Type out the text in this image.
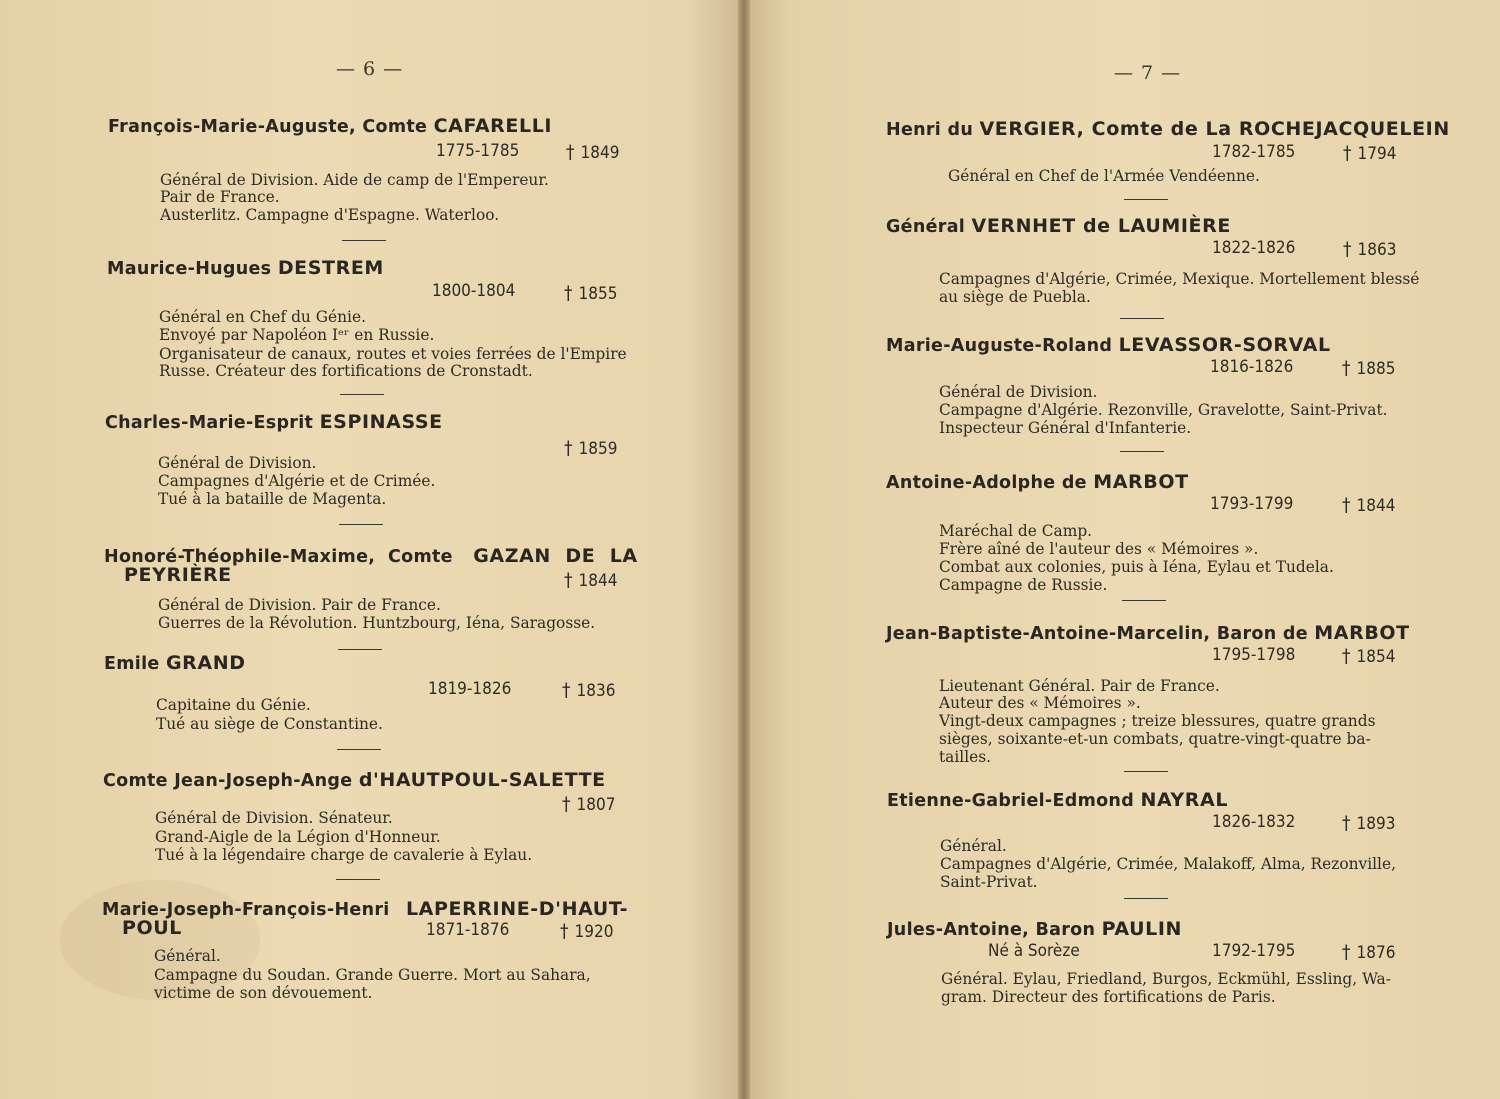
— 6 —
François-Marie-Auguste, Comte CAFARELLI
1775-1785 † 1849
Général de Division. Aide de camp de l'Empereur.
Pair de France.
Austerlitz. Campagne d'Espagne. Waterloo.
Maurice-Hugues DESTREM
1800-1804	† 1855
Général en Chef du Génie.
Envoyé par Napoléon Iᵉʳ en Russie.
Organisateur de canaux, routes et voies ferrées de l'Empire
Russe. Créateur des fortifications de Cronstadt.
Charles-Marie-Esprit ESPINASSE
† 1859
Général de Division.
Campagnes d'Algérie et de Crimée.
Tué à la bataille de Magenta.
Honoré-Théophile-Maxime,  Comte GAZAN  DE  LA
PEYRIÈRE	† 1844
Général de Division. Pair de France.
Guerres de la Révolution. Huntzbourg, Iéna, Saragosse.
Emile GRAND
1819-1826	† 1836
Capitaine du Génie.
Tué au siège de Constantine.
Comte Jean-Joseph-Ange d'HAUTPOUL-SALETTE
† 1807
Général de Division. Sénateur.
Grand-Aigle de la Légion d'Honneur.
Tué à la légendaire charge de cavalerie à Eylau.
Marie-Joseph-François-Henri LAPERRINE-D'HAUT-
POUL	1871-1876	† 1920
Général.
Campagne du Soudan. Grande Guerre. Mort au Sahara,
victime de son dévouement.
— 7 —
Henri du VERGIER, Comte de La ROCHEJACQUELEIN
1782-1785	† 1794
Général en Chef de l'Armée Vendéenne.
Général VERNHET de LAUMIÈRE
1822-1826	† 1863
Campagnes d'Algérie, Crimée, Mexique. Mortellement blessé
au siège de Puebla.
Marie-Auguste-Roland LEVASSOR-SORVAL
1816-1826	† 1885
Général de Division.
Campagne d'Algérie. Rezonville, Gravelotte, Saint-Privat.
Inspecteur Général d'Infanterie.
Antoine-Adolphe de MARBOT
1793-1799	† 1844
Maréchal de Camp.
Frère aîné de l'auteur des « Mémoires ».
Combat aux colonies, puis à Iéna, Eylau et Tudela.
Campagne de Russie.
Jean-Baptiste-Antoine-Marcelin, Baron de MARBOT
1795-1798 † 1854
Lieutenant Général. Pair de France.
Auteur des « Mémoires ».
Vingt-deux campagnes ; treize blessures, quatre grands
sièges, soixante-et-un combats, quatre-vingt-quatre ba-
tailles.
Etienne-Gabriel-Edmond NAYRAL
1826-1832 † 1893
Général.
Campagnes d'Algérie, Crimée, Malakoff, Alma, Rezonville,
Saint-Privat.
Jules-Antoine, Baron PAULIN
Né à Sorèze	1792-1795 † 1876
Général. Eylau, Friedland, Burgos, Eckmühl, Essling, Wa-
gram. Directeur des fortifications de Paris.
